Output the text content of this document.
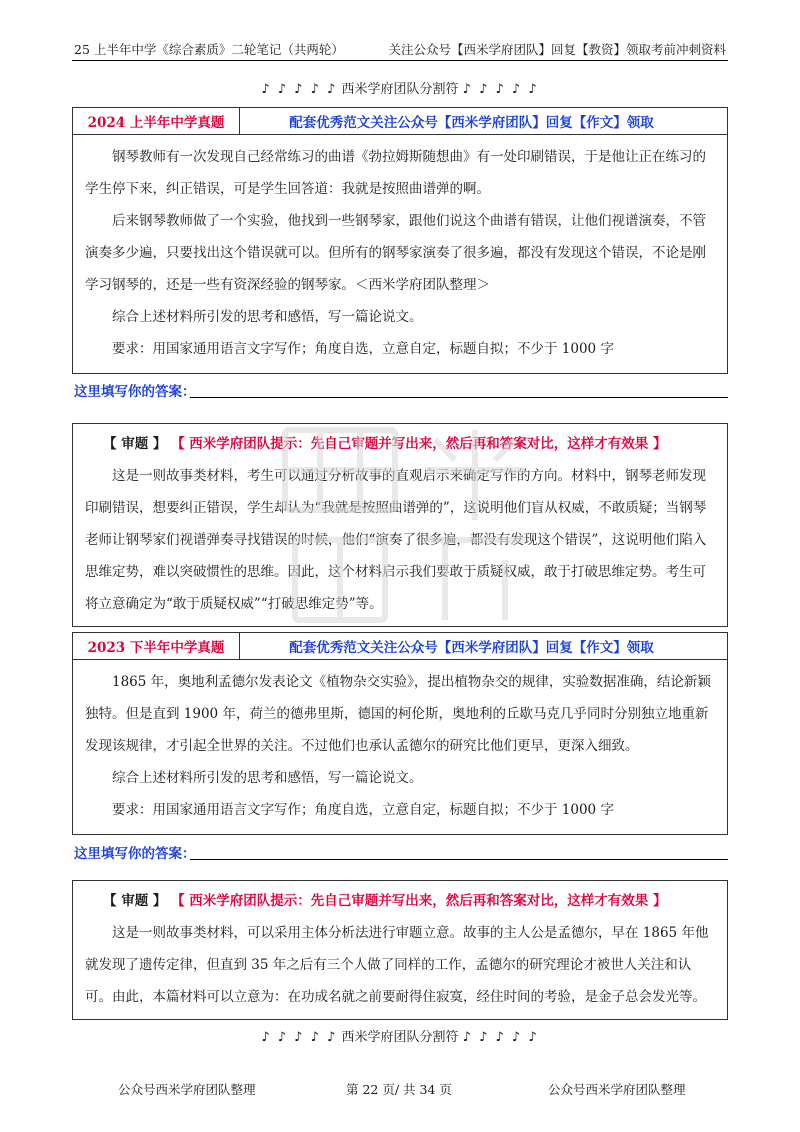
25 上半年中学《综合素质》二轮笔记（共两轮）	关注公众号【西米学府团队】回复【教资】领取考前冲刺资料
♪ ♪ ♪ ♪ ♪ 西米学府团队分割符 ♪ ♪ ♪ ♪ ♪
2024 上半年中学真题	配套优秀范文关注公众号【西米学府团队】回复【作文】领取

钢琴教师有一次发现自己经常练习的曲谱《勃拉姆斯随想曲》有一处印刷错误，于是他让正在练习的学生停下来，纠正错误，可是学生回答道：我就是按照曲谱弹的啊。

后来钢琴教师做了一个实验，他找到一些钢琴家，跟他们说这个曲谱有错误，让他们视谱演奏，不管演奏多少遍，只要找出这个错误就可以。但所有的钢琴家演奏了很多遍，都没有发现这个错误，不论是刚学习钢琴的，还是一些有资深经验的钢琴家。＜西米学府团队整理＞

综合上述材料所引发的思考和感悟，写一篇论说文。

要求：用国家通用语言文字写作；角度自选，立意自定，标题自拟；不少于 1000 字

这里填写你的答案：
【 审题 】 【 西米学府团队提示：先自己审题并写出来，然后再和答案对比，这样才有效果 】

这是一则故事类材料，考生可以通过分析故事的直观启示来确定写作的方向。材料中，钢琴老师发现印刷错误，想要纠正错误，学生却认为“我就是按照曲谱弹的”，这说明他们盲从权威，不敢质疑；当钢琴老师让钢琴家们视谱弹奏寻找错误的时候，他们“演奏了很多遍，都没有发现这个错误”，这说明他们陷入思维定势，难以突破惯性的思维。因此，这个材料启示我们要敢于质疑权威，敢于打破思维定势。考生可将立意确定为“敢于质疑权威”“打破思维定势”等。

2023 下半年中学真题	配套优秀范文关注公众号【西米学府团队】回复【作文】领取

1865 年，奥地利孟德尔发表论文《植物杂交实验》，提出植物杂交的规律，实验数据准确，结论新颖独特。但是直到 1900 年，荷兰的德弗里斯，德国的柯伦斯，奥地利的丘歇马克几乎同时分别独立地重新发现该规律，才引起全世界的关注。不过他们也承认孟德尔的研究比他们更早，更深入细致。

综合上述材料所引发的思考和感悟，写一篇论说文。

要求：用国家通用语言文字写作；角度自选，立意自定，标题自拟；不少于 1000 字

这里填写你的答案：
【 审题 】 【 西米学府团队提示：先自己审题并写出来，然后再和答案对比，这样才有效果 】

这是一则故事类材料，可以采用主体分析法进行审题立意。故事的主人公是孟德尔，早在 1865 年他就发现了遗传定律，但直到 35 年之后有三个人做了同样的工作，孟德尔的研究理论才被世人关注和认可。由此，本篇材料可以立意为：在功成名就之前要耐得住寂寞，经住时间的考验，是金子总会发光等。

♪ ♪ ♪ ♪ ♪ 西米学府团队分割符 ♪ ♪ ♪ ♪ ♪
公众号西米学府团队整理	第 22 页/ 共 34 页	公众号西米学府团队整理
